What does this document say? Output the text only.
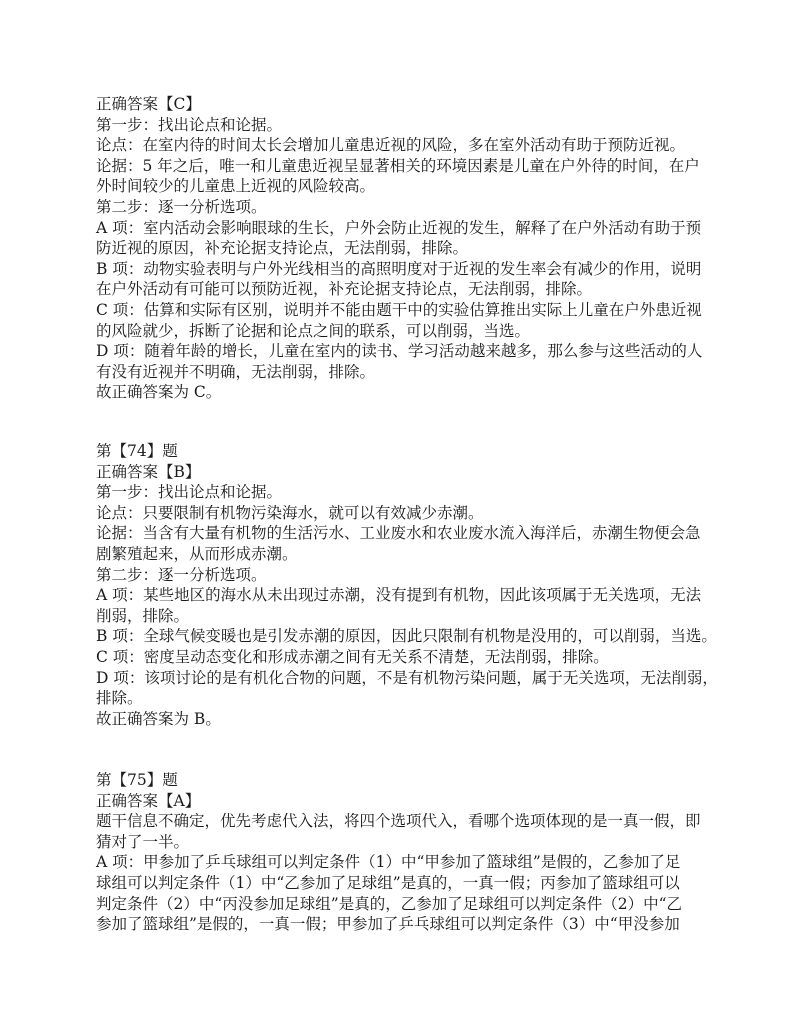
正确答案【C】
第一步：找出论点和论据。
论点：在室内待的时间太长会增加儿童患近视的风险，多在室外活动有助于预防近视。
论据：5 年之后，唯一和儿童患近视呈显著相关的环境因素是儿童在户外待的时间，在户
外时间较少的儿童患上近视的风险较高。
第二步：逐一分析选项。
A 项：室内活动会影响眼球的生长，户外会防止近视的发生，解释了在户外活动有助于预
防近视的原因，补充论据支持论点，无法削弱，排除。
B 项：动物实验表明与户外光线相当的高照明度对于近视的发生率会有减少的作用，说明
在户外活动有可能可以预防近视，补充论据支持论点，无法削弱，排除。
C 项：估算和实际有区别，说明并不能由题干中的实验估算推出实际上儿童在户外患近视
的风险就少，拆断了论据和论点之间的联系，可以削弱，当选。
D 项：随着年龄的增长，儿童在室内的读书、学习活动越来越多，那么参与这些活动的人
有没有近视并不明确，无法削弱，排除。
故正确答案为 C。
第【74】题
正确答案【B】
第一步：找出论点和论据。
论点：只要限制有机物污染海水，就可以有效减少赤潮。
论据：当含有大量有机物的生活污水、工业废水和农业废水流入海洋后，赤潮生物便会急
剧繁殖起来，从而形成赤潮。
第二步：逐一分析选项。
A 项：某些地区的海水从未出现过赤潮，没有提到有机物，因此该项属于无关选项，无法
削弱，排除。
B 项：全球气候变暖也是引发赤潮的原因，因此只限制有机物是没用的，可以削弱，当选。
C 项：密度呈动态变化和形成赤潮之间有无关系不清楚，无法削弱，排除。
D 项：该项讨论的是有机化合物的问题，不是有机物污染问题，属于无关选项，无法削弱，
排除。
故正确答案为 B。
第【75】题
正确答案【A】
题干信息不确定，优先考虑代入法，将四个选项代入，看哪个选项体现的是一真一假，即
猜对了一半。
A 项：甲参加了乒乓球组可以判定条件（1）中“甲参加了篮球组”是假的，乙参加了足
球组可以判定条件（1）中“乙参加了足球组”是真的，一真一假；丙参加了篮球组可以
判定条件（2）中“丙没参加足球组”是真的，乙参加了足球组可以判定条件（2）中“乙
参加了篮球组”是假的，一真一假；甲参加了乒乓球组可以判定条件（3）中“甲没参加
